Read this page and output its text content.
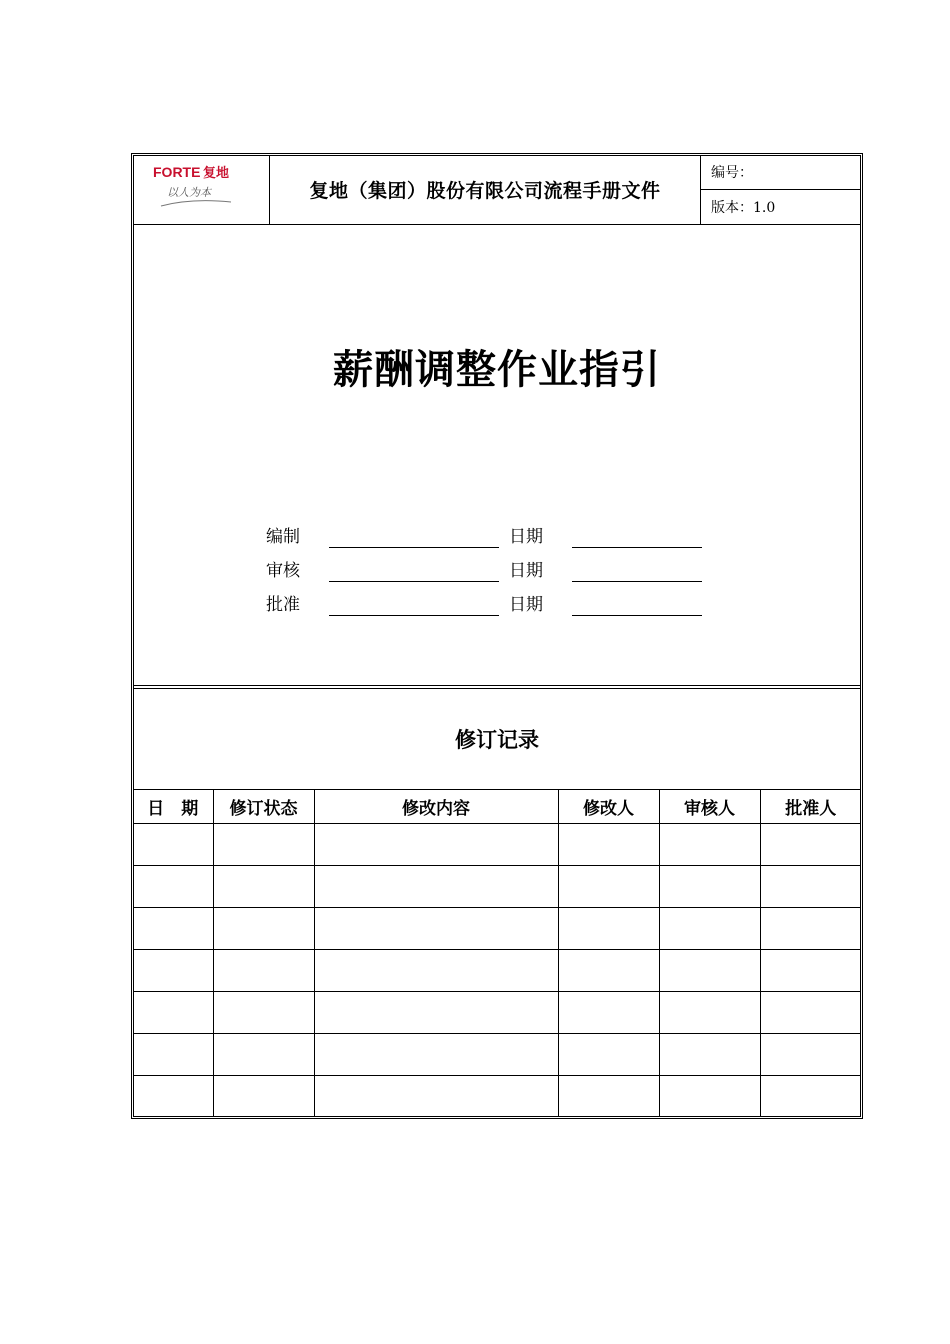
FORTE 复地
以人为本	复地（集团）股份有限公司流程手册文件
编号：
版本：1.0
薪酬调整作业指引
编制	日期
审核	日期
批准	日期
修订记录
日　期	修订状态	修改内容	修改人	审核人	批准人
